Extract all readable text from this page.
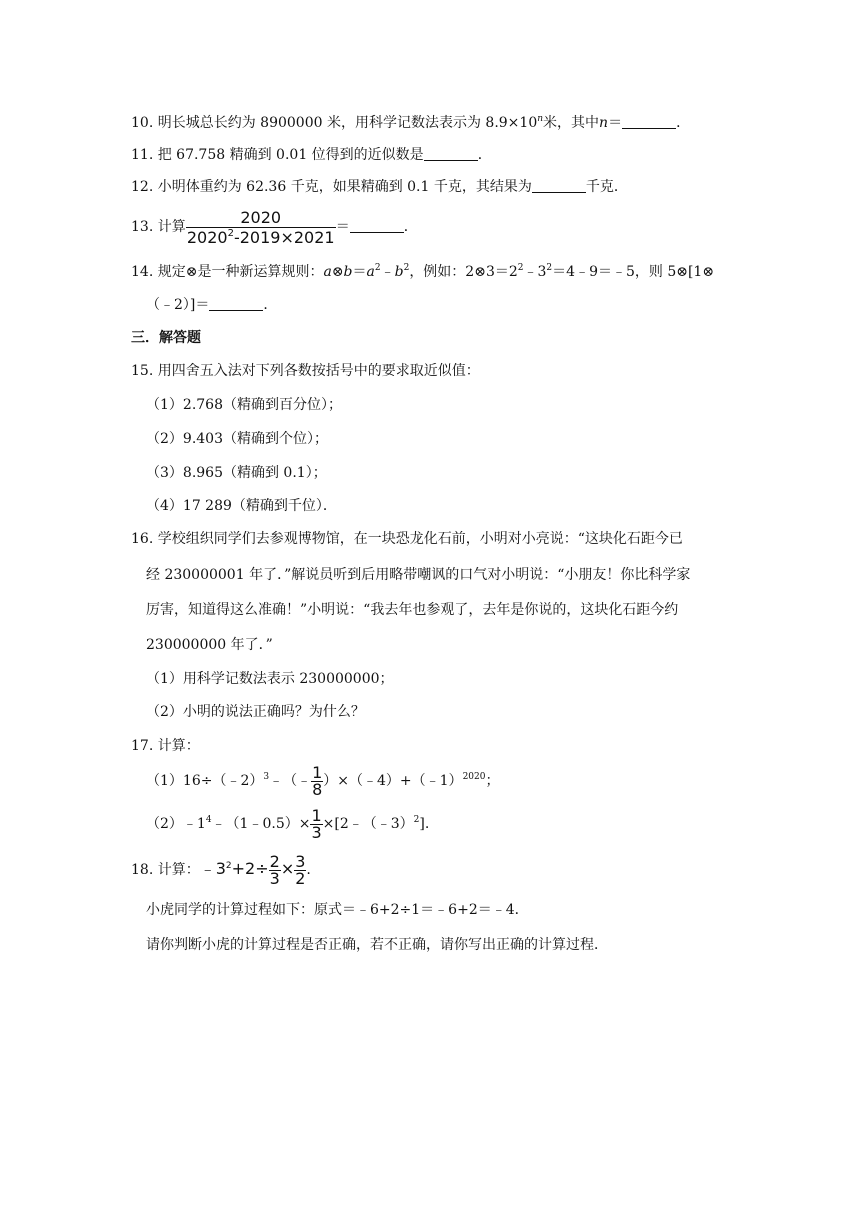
10. 明长城总长约为 8900000 米，用科学记数法表示为 $8.9\times 10^n$米，其中n＝	．
11. 把 67.758 精确到 0.01 位得到的近似数是	．
12. 小明体重约为 62.36 千克，如果精确到 0.1 千克，其结果为	千克．
13. 计算 $\frac{2020}{2020^2-2019\times 2021}$ ＝	．
14. 规定⊗是一种新运算规则：$a\otimes b=a^2﹣b^2$，例如：$2\otimes 3=2^2﹣3^2=4﹣9=﹣5$，则 5⊗[1⊗
（﹣2）]＝	．
三．解答题
15. 用四舍五入法对下列各数按括号中的要求取近似值：
（1）2.768（精确到百分位）；
（2）9.403（精确到个位）；
（3）8.965（精确到 0.1）；
（4）17 289（精确到千位）．
16. 学校组织同学们去参观博物馆，在一块恐龙化石前，小明对小亮说：“这块化石距今已
经 230000001 年了．”解说员听到后用略带嘲讽的口气对小明说：“小朋友！你比科学家
厉害，知道得这么准确！”小明说：“我去年也参观了，去年是你说的，这块化石距今约
230000000 年了．”
（1）用科学记数法表示 230000000；
（2）小明的说法正确吗？为什么？
17. 计算：
（1）16÷（﹣2）$^3$﹣（﹣ $\frac{1}{8}$ ）×（﹣4）+（﹣1）$^{2020}$；
$(2)﹣1^4﹣(1﹣0.5)\times \frac{1}{3}$ ×[2﹣（﹣3）$^2$].
18. 计算：$﹣3^2+2\div \frac{2}{3} \times \frac{3}{2}$ .
小虎同学的计算过程如下：原式＝﹣6+2÷1＝﹣6+2＝﹣4．
请你判断小虎的计算过程是否正确，若不正确，请你写出正确的计算过程．
